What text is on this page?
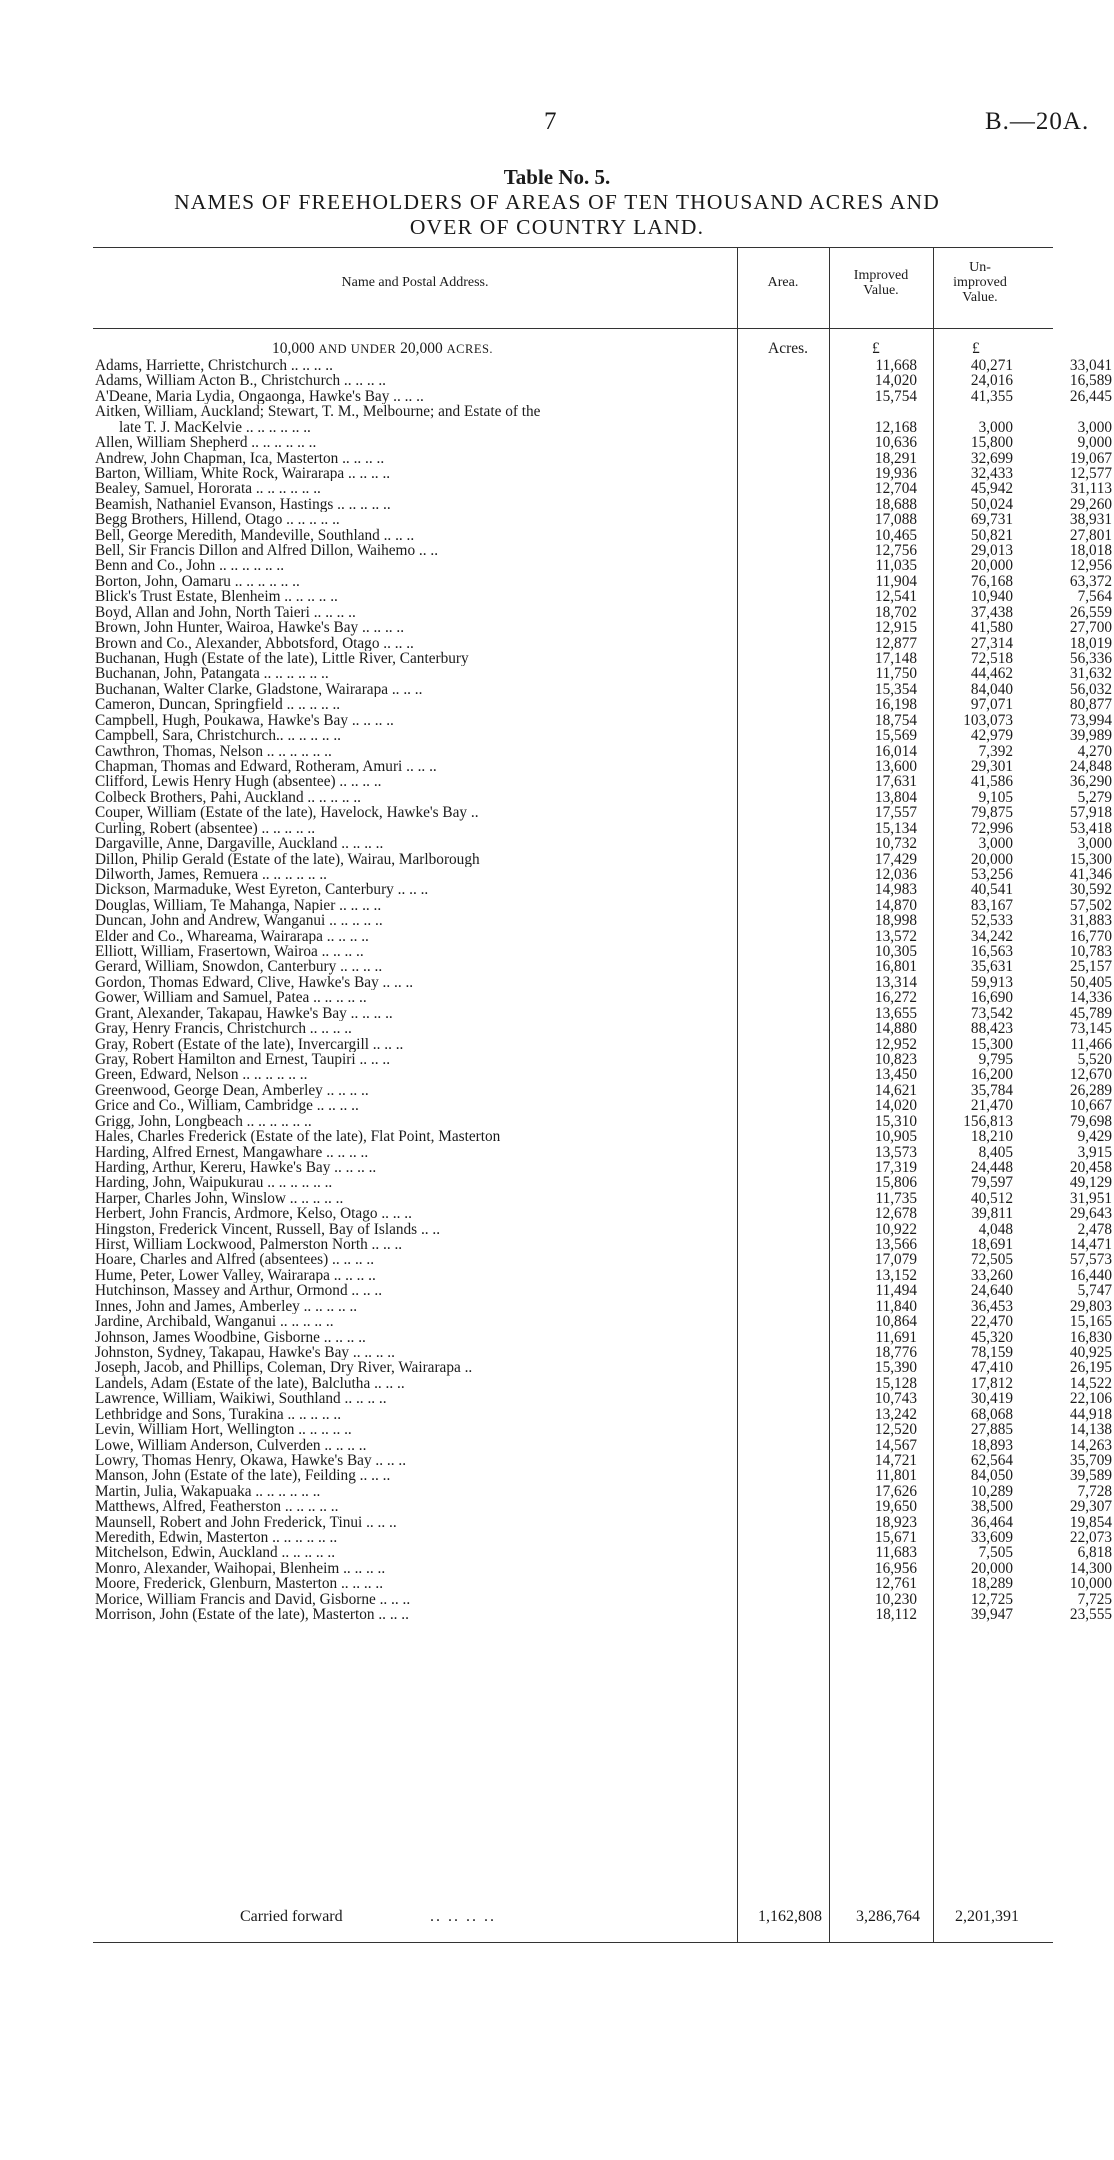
7	B.—20A.
Table No. 5.
NAMES OF FREEHOLDERS OF AREAS OF TEN THOUSAND ACRES AND
OVER OF COUNTRY LAND.
Name and Postal Address.	Area.	Improved
Value.
Un-
improved
Value.
10,000 AND UNDER 20,000 ACRES.	Acres.	£	£
Adams, Harriette, Christchurch .. .. .. ..	11,668	40,271	33,041
Adams, William Acton B., Christchurch .. .. .. ..	14,020	24,016	16,589
A'Deane, Maria Lydia, Ongaonga, Hawke's Bay .. .. ..	15,754	41,355	26,445
Aitken, William, Auckland; Stewart, T. M., Melbourne; and Estate of the
late T. J. MacKelvie .. .. .. .. .. ..	12,168	3,000	3,000
Allen, William Shepherd .. .. .. .. .. ..	10,636	15,800	9,000
Andrew, John Chapman, Ica, Masterton .. .. .. ..	18,291	32,699	19,067
Barton, William, White Rock, Wairarapa .. .. .. ..	19,936	32,433	12,577
Bealey, Samuel, Hororata .. .. .. .. .. ..	12,704	45,942	31,113
Beamish, Nathaniel Evanson, Hastings .. .. .. .. ..	18,688	50,024	29,260
Begg Brothers, Hillend, Otago .. .. .. .. ..	17,088	69,731	38,931
Bell, George Meredith, Mandeville, Southland .. .. ..	10,465	50,821	27,801
Bell, Sir Francis Dillon and Alfred Dillon, Waihemo .. ..	12,756	29,013	18,018
Benn and Co., John .. .. .. .. .. ..	11,035	20,000	12,956
Borton, John, Oamaru .. .. .. .. .. ..	11,904	76,168	63,372
Blick's Trust Estate, Blenheim .. .. .. .. ..	12,541	10,940	7,564
Boyd, Allan and John, North Taieri .. .. .. ..	18,702	37,438	26,559
Brown, John Hunter, Wairoa, Hawke's Bay .. .. .. ..	12,915	41,580	27,700
Brown and Co., Alexander, Abbotsford, Otago .. .. ..	12,877	27,314	18,019
Buchanan, Hugh (Estate of the late), Little River, Canterbury	17,148	72,518	56,336
Buchanan, John, Patangata .. .. .. .. .. ..	11,750	44,462	31,632
Buchanan, Walter Clarke, Gladstone, Wairarapa .. .. ..	15,354	84,040	56,032
Cameron, Duncan, Springfield .. .. .. .. ..	16,198	97,071	80,877
Campbell, Hugh, Poukawa, Hawke's Bay .. .. .. ..	18,754	103,073	73,994
Campbell, Sara, Christchurch.. .. .. .. .. ..	15,569	42,979	39,989
Cawthron, Thomas, Nelson .. .. .. .. .. ..	16,014	7,392	4,270
Chapman, Thomas and Edward, Rotheram, Amuri .. .. ..	13,600	29,301	24,848
Clifford, Lewis Henry Hugh (absentee) .. .. .. ..	17,631	41,586	36,290
Colbeck Brothers, Pahi, Auckland .. .. .. .. ..	13,804	9,105	5,279
Couper, William (Estate of the late), Havelock, Hawke's Bay ..	17,557	79,875	57,918
Curling, Robert (absentee) .. .. .. .. ..	15,134	72,996	53,418
Dargaville, Anne, Dargaville, Auckland .. .. .. ..	10,732	3,000	3,000
Dillon, Philip Gerald (Estate of the late), Wairau, Marlborough	17,429	20,000	15,300
Dilworth, James, Remuera .. .. .. .. .. ..	12,036	53,256	41,346
Dickson, Marmaduke, West Eyreton, Canterbury .. .. ..	14,983	40,541	30,592
Douglas, William, Te Mahanga, Napier .. .. .. ..	14,870	83,167	57,502
Duncan, John and Andrew, Wanganui .. .. .. .. ..	18,998	52,533	31,883
Elder and Co., Whareama, Wairarapa .. .. .. ..	13,572	34,242	16,770
Elliott, William, Frasertown, Wairoa .. .. .. ..	10,305	16,563	10,783
Gerard, William, Snowdon, Canterbury .. .. .. ..	16,801	35,631	25,157
Gordon, Thomas Edward, Clive, Hawke's Bay .. .. ..	13,314	59,913	50,405
Gower, William and Samuel, Patea .. .. .. .. ..	16,272	16,690	14,336
Grant, Alexander, Takapau, Hawke's Bay .. .. .. ..	13,655	73,542	45,789
Gray, Henry Francis, Christchurch .. .. .. ..	14,880	88,423	73,145
Gray, Robert (Estate of the late), Invercargill .. .. ..	12,952	15,300	11,466
Gray, Robert Hamilton and Ernest, Taupiri .. .. ..	10,823	9,795	5,520
Green, Edward, Nelson .. .. .. .. .. ..	13,450	16,200	12,670
Greenwood, George Dean, Amberley .. .. .. ..	14,621	35,784	26,289
Grice and Co., William, Cambridge .. .. .. ..	14,020	21,470	10,667
Grigg, John, Longbeach .. .. .. .. .. ..	15,310	156,813	79,698
Hales, Charles Frederick (Estate of the late), Flat Point, Masterton	10,905	18,210	9,429
Harding, Alfred Ernest, Mangawhare .. .. .. ..	13,573	8,405	3,915
Harding, Arthur, Kereru, Hawke's Bay .. .. .. ..	17,319	24,448	20,458
Harding, John, Waipukurau .. .. .. .. .. ..	15,806	79,597	49,129
Harper, Charles John, Winslow .. .. .. .. ..	11,735	40,512	31,951
Herbert, John Francis, Ardmore, Kelso, Otago .. .. ..	12,678	39,811	29,643
Hingston, Frederick Vincent, Russell, Bay of Islands .. ..	10,922	4,048	2,478
Hirst, William Lockwood, Palmerston North .. .. ..	13,566	18,691	14,471
Hoare, Charles and Alfred (absentees) .. .. .. ..	17,079	72,505	57,573
Hume, Peter, Lower Valley, Wairarapa .. .. .. ..	13,152	33,260	16,440
Hutchinson, Massey and Arthur, Ormond .. .. ..	11,494	24,640	5,747
Innes, John and James, Amberley .. .. .. .. ..	11,840	36,453	29,803
Jardine, Archibald, Wanganui .. .. .. .. ..	10,864	22,470	15,165
Johnson, James Woodbine, Gisborne .. .. .. ..	11,691	45,320	16,830
Johnston, Sydney, Takapau, Hawke's Bay .. .. .. ..	18,776	78,159	40,925
Joseph, Jacob, and Phillips, Coleman, Dry River, Wairarapa ..	15,390	47,410	26,195
Landels, Adam (Estate of the late), Balclutha .. .. ..	15,128	17,812	14,522
Lawrence, William, Waikiwi, Southland .. .. .. ..	10,743	30,419	22,106
Lethbridge and Sons, Turakina .. .. .. .. ..	13,242	68,068	44,918
Levin, William Hort, Wellington .. .. .. .. ..	12,520	27,885	14,138
Lowe, William Anderson, Culverden .. .. .. ..	14,567	18,893	14,263
Lowry, Thomas Henry, Okawa, Hawke's Bay .. .. ..	14,721	62,564	35,709
Manson, John (Estate of the late), Feilding .. .. ..	11,801	84,050	39,589
Martin, Julia, Wakapuaka .. .. .. .. .. ..	17,626	10,289	7,728
Matthews, Alfred, Featherston .. .. .. .. ..	19,650	38,500	29,307
Maunsell, Robert and John Frederick, Tinui .. .. ..	18,923	36,464	19,854
Meredith, Edwin, Masterton .. .. .. .. .. ..	15,671	33,609	22,073
Mitchelson, Edwin, Auckland .. .. .. .. ..	11,683	7,505	6,818
Monro, Alexander, Waihopai, Blenheim .. .. .. ..	16,956	20,000	14,300
Moore, Frederick, Glenburn, Masterton .. .. .. ..	12,761	18,289	10,000
Morice, William Francis and David, Gisborne .. .. ..	10,230	12,725	7,725
Morrison, John (Estate of the late), Masterton .. .. ..	18,112	39,947	23,555
Carried forward	.. .. .. ..	1,162,808	3,286,764	2,201,391
